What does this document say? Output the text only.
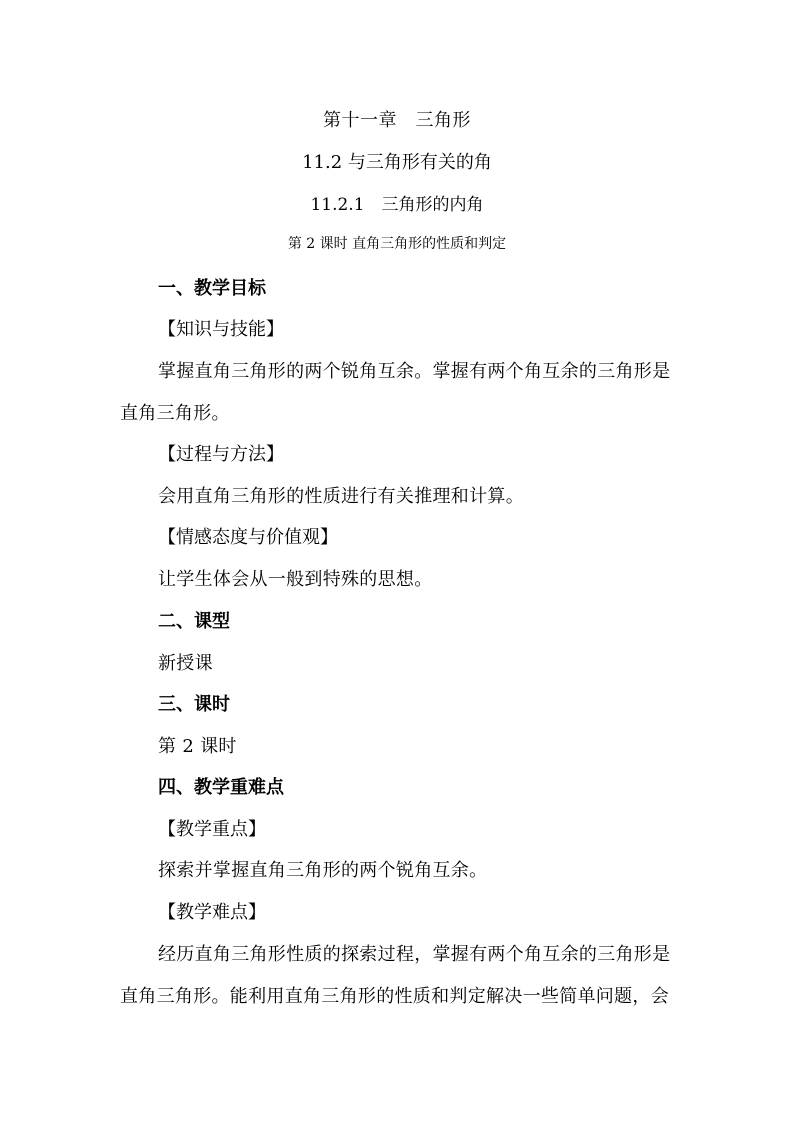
第十一章　三角形
11.2 与三角形有关的角
11.2.1　三角形的内角
第 2 课时 直角三角形的性质和判定
一、教学目标
【知识与技能】
掌握直角三角形的两个锐角互余。掌握有两个角互余的三角形是
直角三角形。
【过程与方法】
会用直角三角形的性质进行有关推理和计算。
【情感态度与价值观】
让学生体会从一般到特殊的思想。
二、课型
新授课
三、课时
第 2 课时
四、教学重难点
【教学重点】
探索并掌握直角三角形的两个锐角互余。
【教学难点】
经历直角三角形性质的探索过程，掌握有两个角互余的三角形是
直角三角形。能利用直角三角形的性质和判定解决一些简单问题，会
